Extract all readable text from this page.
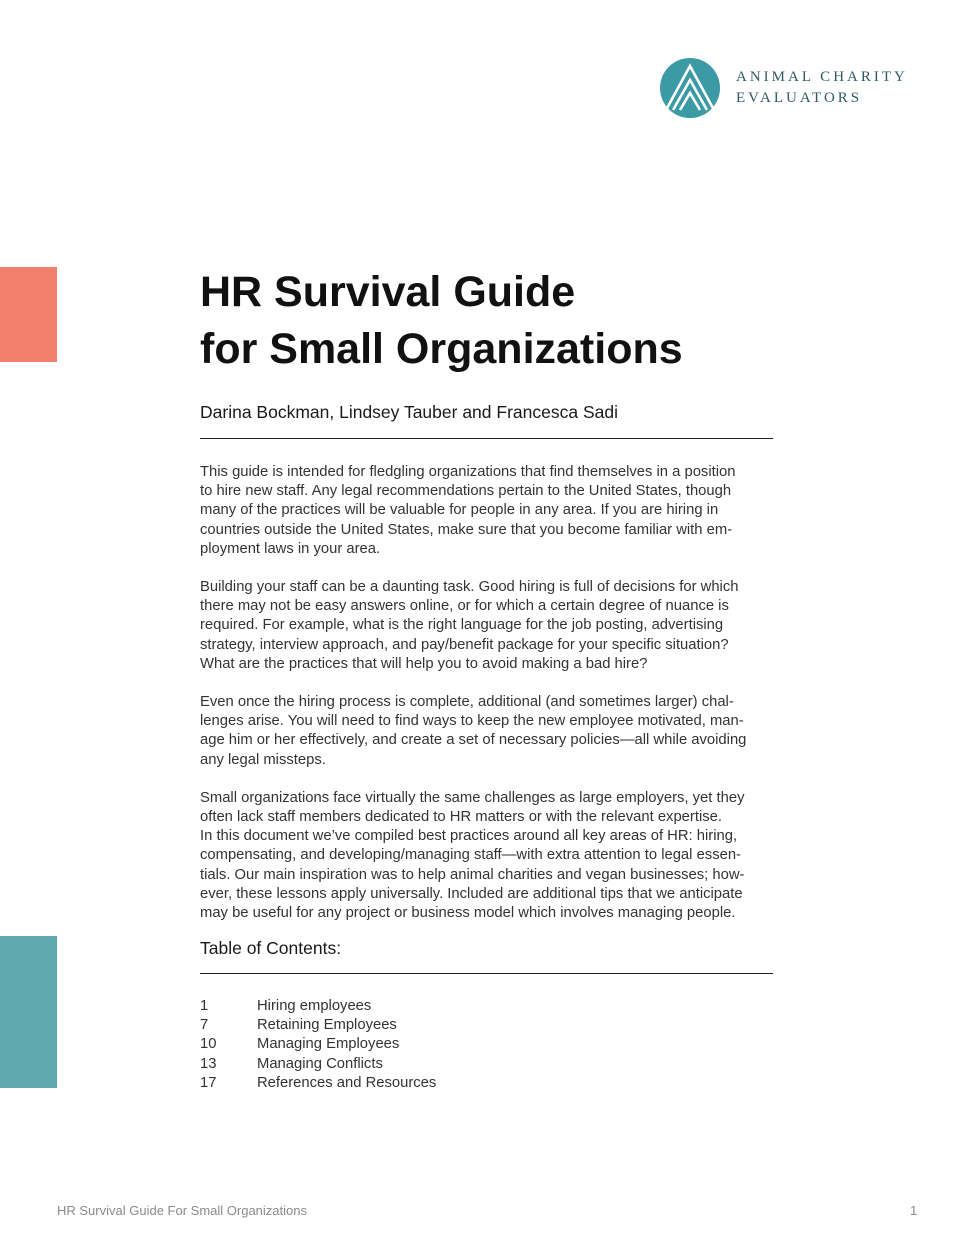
ANIMAL CHARITY
EVALUATORS
HR Survival Guide
for Small Organizations
Darina Bockman, Lindsey Tauber and Francesca Sadi

This guide is intended for fledgling organizations that find themselves in a position
to hire new staff. Any legal recommendations pertain to the United States, though
many of the practices will be valuable for people in any area. If you are hiring in
countries outside the United States, make sure that you become familiar with em-
ployment laws in your area.

Building your staff can be a daunting task. Good hiring is full of decisions for which
there may not be easy answers online, or for which a certain degree of nuance is
required. For example, what is the right language for the job posting, advertising
strategy, interview approach, and pay/benefit package for your specific situation?
What are the practices that will help you to avoid making a bad hire?

Even once the hiring process is complete, additional (and sometimes larger) chal-
lenges arise. You will need to find ways to keep the new employee motivated, man-
age him or her effectively, and create a set of necessary policies—all while avoiding
any legal missteps.

Small organizations face virtually the same challenges as large employers, yet they
often lack staff members dedicated to HR matters or with the relevant expertise.
In this document we’ve compiled best practices around all key areas of HR: hiring,
compensating, and developing/managing staff—with extra attention to legal essen-
tials. Our main inspiration was to help animal charities and vegan businesses; how-
ever, these lessons apply universally. Included are additional tips that we anticipate
may be useful for any project or business model which involves managing people.

Table of Contents:
1	Hiring employees
7	Retaining Employees
10	Managing Employees
13	Managing Conflicts
17	References and Resources
HR Survival Guide For Small Organizations	1
